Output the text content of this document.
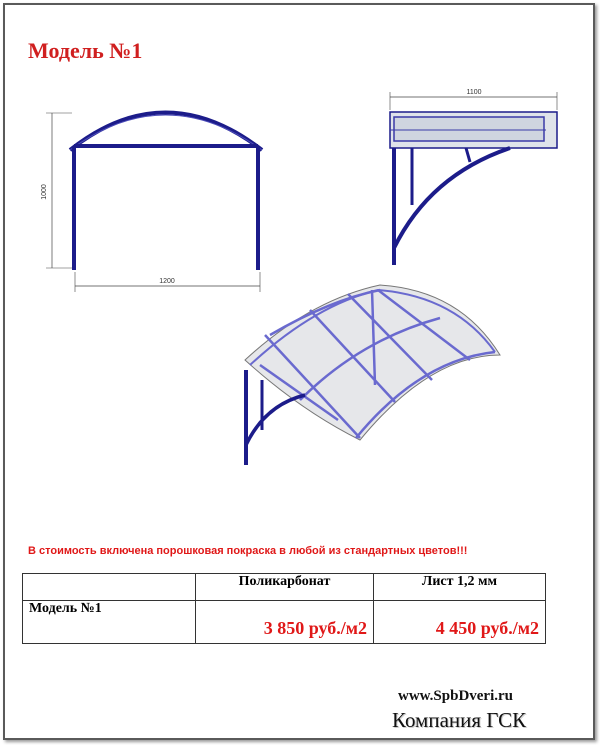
Модель №1
1000
1200
1100
В стоимость включена порошковая покраска в любой из стандартных цветов!!!
	Поликарбонат	Лист 1,2 мм
Модель №1	3 850 руб./м2	4 450 руб./м2
www.SpbDveri.ru
Компания ГСК
